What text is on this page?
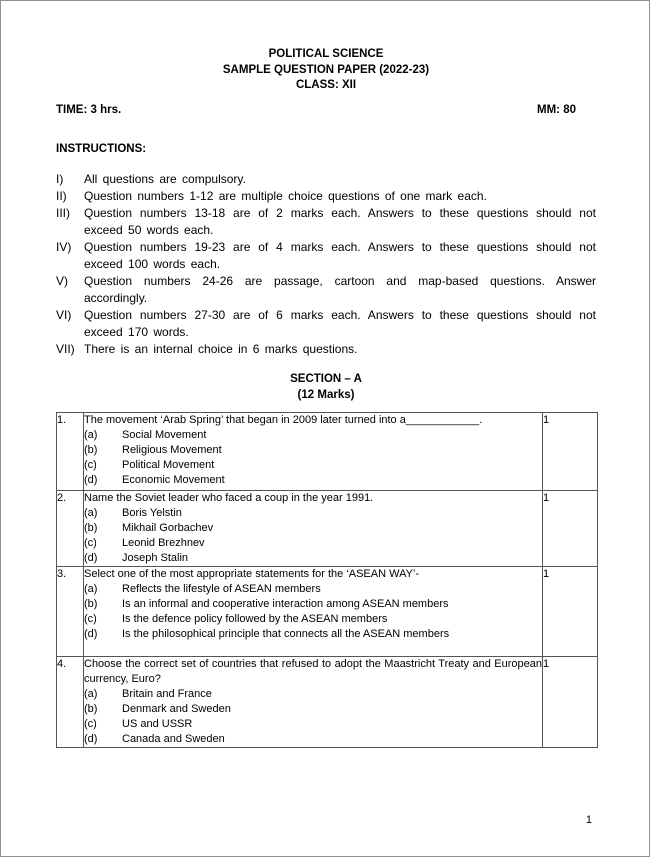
POLITICAL SCIENCE
SAMPLE QUESTION PAPER (2022-23)
CLASS: XII
TIME: 3 hrs.	MM: 80
INSTRUCTIONS:
I)	All questions are compulsory.
II)	Question numbers 1-12 are multiple choice questions of one mark each.
III)	Question numbers 13-18 are of 2 marks each. Answers to these questions should not exceed 50 words each.
IV)	Question numbers 19-23 are of 4 marks each. Answers to these questions should not exceed 100 words each.
V)	Question numbers 24-26 are passage, cartoon and map-based questions. Answer accordingly.
VI)	Question numbers 27-30 are of 6 marks each. Answers to these questions should not exceed 170 words.
VII) There is an internal choice in 6 marks questions.
SECTION – A
(12 Marks)
1.	The movement ‘Arab Spring’ that began in 2009 later turned into a____________.
(a)	Social Movement
(b)	Religious Movement
(c)	Political Movement
(d)	Economic Movement
	1
2.	Name the Soviet leader who faced a coup in the year 1991.
(a)	Boris Yelstin
(b)	Mikhail Gorbachev
(c)	Leonid Brezhnev
(d)	Joseph Stalin
	1
3.	Select one of the most appropriate statements for the ‘ASEAN WAY’-
(a)	Reflects the lifestyle of ASEAN members
(b)	Is an informal and cooperative interaction among ASEAN members
(c)	Is the defence policy followed by the ASEAN members
(d)	Is the philosophical principle that connects all the ASEAN members
	1
4.	Choose the correct set of countries that refused to adopt the Maastricht Treaty and European currency, Euro?
(a)	Britain and France
(b)	Denmark and Sweden
(c)	US and USSR
(d)	Canada and Sweden
	1
1
